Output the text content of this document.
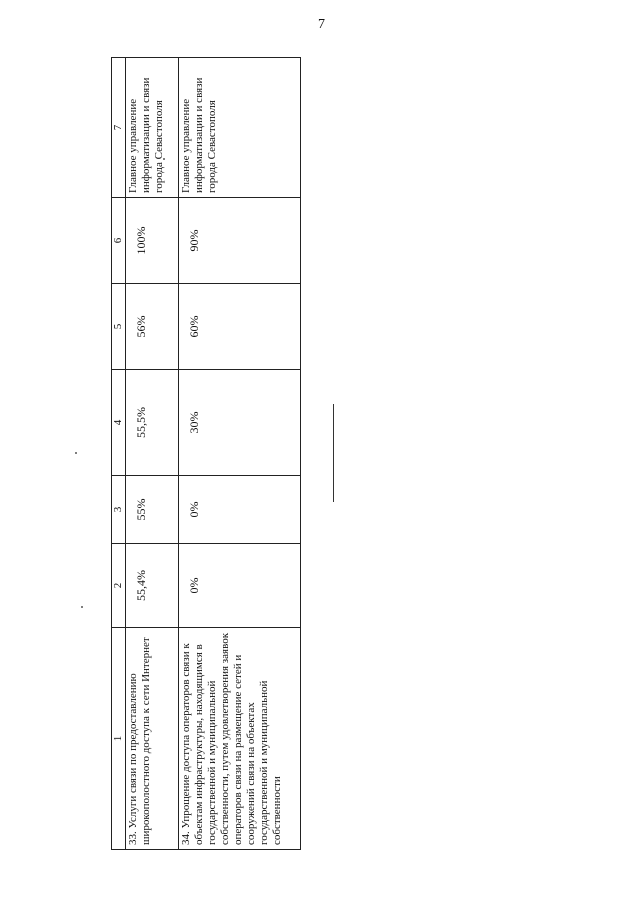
7
1	2	3	4	5	6	7
33. Услуги связи по предоставлению широкополостного доступа к сети Интернет	55,4%	55%	55,5%	56%	100%	Главное управление информатизации и связи города Севастополя
34. Упрощение доступа операторов связи к объектам инфраструктуры, находящимся в государственной и муниципальной собственности, путем удовлетворения заявок операторов связи на размещение сетей и сооружений связи на объектах государственной и муниципальной собственности	0%	0%	30%	60%	90%	Главное управление информатизации и связи города Севастополя
